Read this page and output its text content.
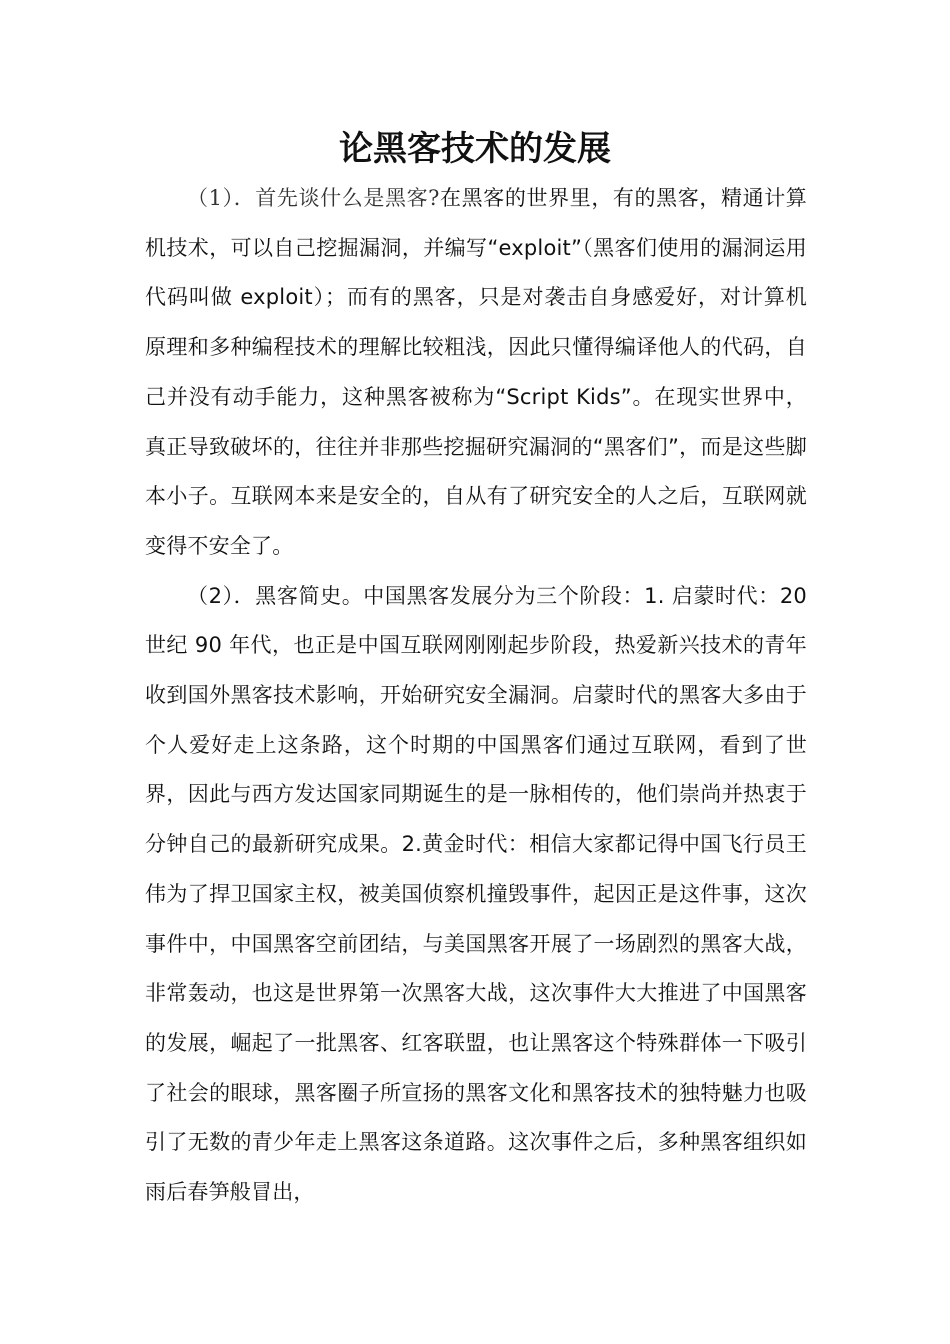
论黑客技术的发展

（1）．首先谈什么是黑客?在黑客的世界里，有的黑客，精通计算机技术，可以自己挖掘漏洞，并编写“exploit”（黑客们使用的漏洞运用代码叫做 exploit）；而有的黑客，只是对袭击自身感爱好，对计算机原理和多种编程技术的理解比较粗浅，因此只懂得编译他人的代码，自己并没有动手能力，这种黑客被称为“Script Kids”。在现实世界中，真正导致破坏的，往往并非那些挖掘研究漏洞的“黑客们”，而是这些脚本小子。互联网本来是安全的，自从有了研究安全的人之后，互联网就变得不安全了。

（2）．黑客简史。中国黑客发展分为三个阶段：1. 启蒙时代：20 世纪 90 年代，也正是中国互联网刚刚起步阶段，热爱新兴技术的青年收到国外黑客技术影响，开始研究安全漏洞。启蒙时代的黑客大多由于个人爱好走上这条路，这个时期的中国黑客们通过互联网，看到了世界，因此与西方发达国家同期诞生的是一脉相传的，他们崇尚并热衷于分钟自己的最新研究成果。2.黄金时代：相信大家都记得中国飞行员王伟为了捍卫国家主权，被美国侦察机撞毁事件，起因正是这件事，这次事件中，中国黑客空前团结，与美国黑客开展了一场剧烈的黑客大战，非常轰动，也这是世界第一次黑客大战，这次事件大大推进了中国黑客的发展，崛起了一批黑客、红客联盟，也让黑客这个特殊群体一下吸引了社会的眼球，黑客圈子所宣扬的黑客文化和黑客技术的独特魅力也吸引了无数的青少年走上黑客这条道路。这次事件之后，多种黑客组织如雨后春笋般冒出，
